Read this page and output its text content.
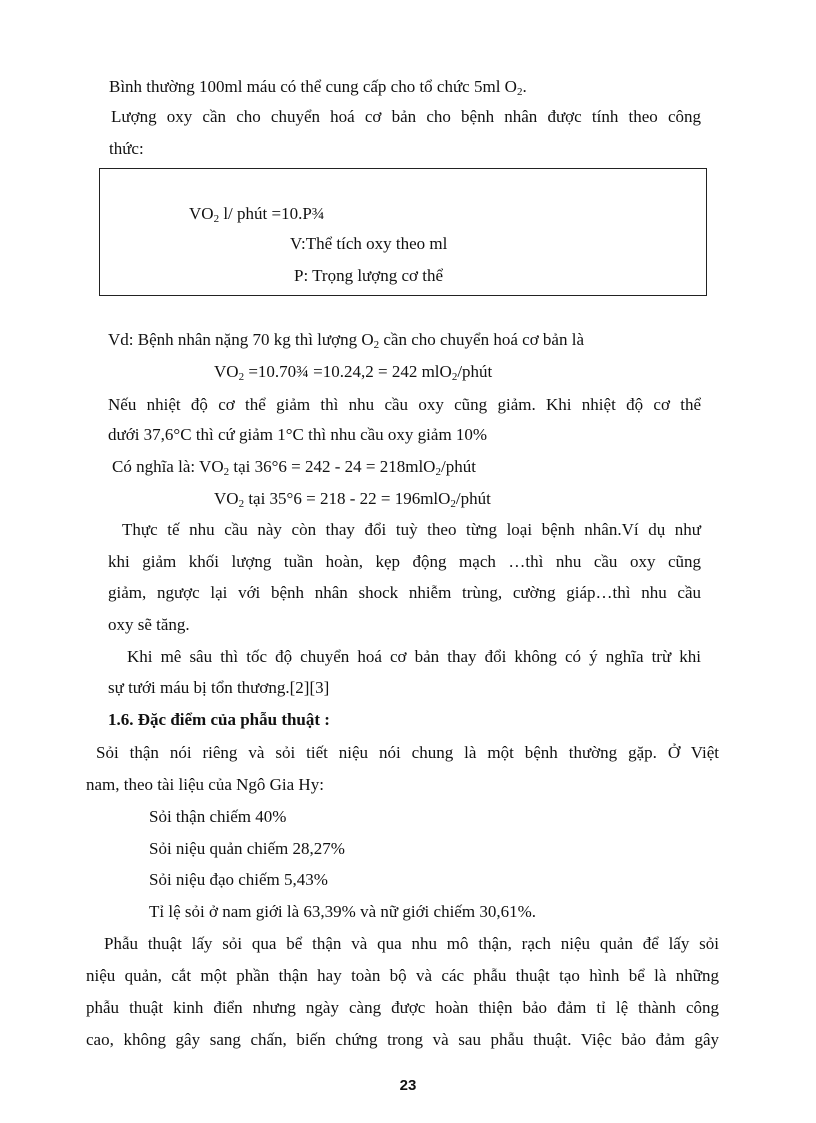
Bình thường 100ml máu có thể cung cấp cho tổ chức 5ml $O_2$.
Lượng oxy cần cho chuyển hoá cơ bản cho bệnh nhân được tính theo công
thức:
$VO_2$ l/ phút =10.P¾
V:Thể tích oxy theo ml
P: Trọng lượng cơ thể
Vd: Bệnh nhân nặng 70 kg thì lượng $O_2$ cần cho chuyển hoá cơ bản là
$VO_2$ =10.70¾ =10.24,2 = 242 mlO$_2$/phút
Nếu nhiệt độ cơ thể giảm thì nhu cầu oxy cũng giảm. Khi nhiệt độ cơ thể
dưới 37,6°C thì cứ giảm 1°C thì nhu cầu oxy giảm 10%
Có nghĩa là: $VO_2$ tại 36°6 = 242 - 24 = 218mlO$_2$/phút
$VO_2$ tại 35°6 = 218 - 22 = 196mlO$_2$/phút
Thực tế nhu cầu này còn thay đổi tuỳ theo từng loại bệnh nhân.Ví dụ như
khi giảm khối lượng tuần hoàn, kẹp động mạch …thì nhu cầu oxy cũng
giảm, ngược lại với bệnh nhân shock nhiễm trùng, cường giáp…thì nhu cầu
oxy sẽ tăng.
Khi mê sâu thì tốc độ chuyển hoá cơ bản thay đổi không có ý nghĩa trừ khi
sự tưới máu bị tổn thương.[2][3]
1.6. Đặc điểm của phẫu thuật :
Sỏi thận nói riêng và sỏi tiết niệu nói chung là một bệnh thường gặp. Ở Việt
nam, theo tài liệu của Ngô Gia Hy:
Sỏi thận chiếm 40%
Sỏi niệu quản chiếm 28,27%
Sỏi niệu đạo chiếm 5,43%
Tỉ lệ sỏi ở nam giới là 63,39% và nữ giới chiếm 30,61%.
Phẫu thuật lấy sỏi qua bể thận và qua nhu mô thận, rạch niệu quản để lấy sỏi
niệu quản, cắt một phần thận hay toàn bộ và các phẫu thuật tạo hình bể là những
phẫu thuật kinh điển nhưng ngày càng được hoàn thiện bảo đảm tỉ lệ thành công
cao, không gây sang chấn, biến chứng trong và sau phẫu thuật. Việc bảo đảm gây
23
